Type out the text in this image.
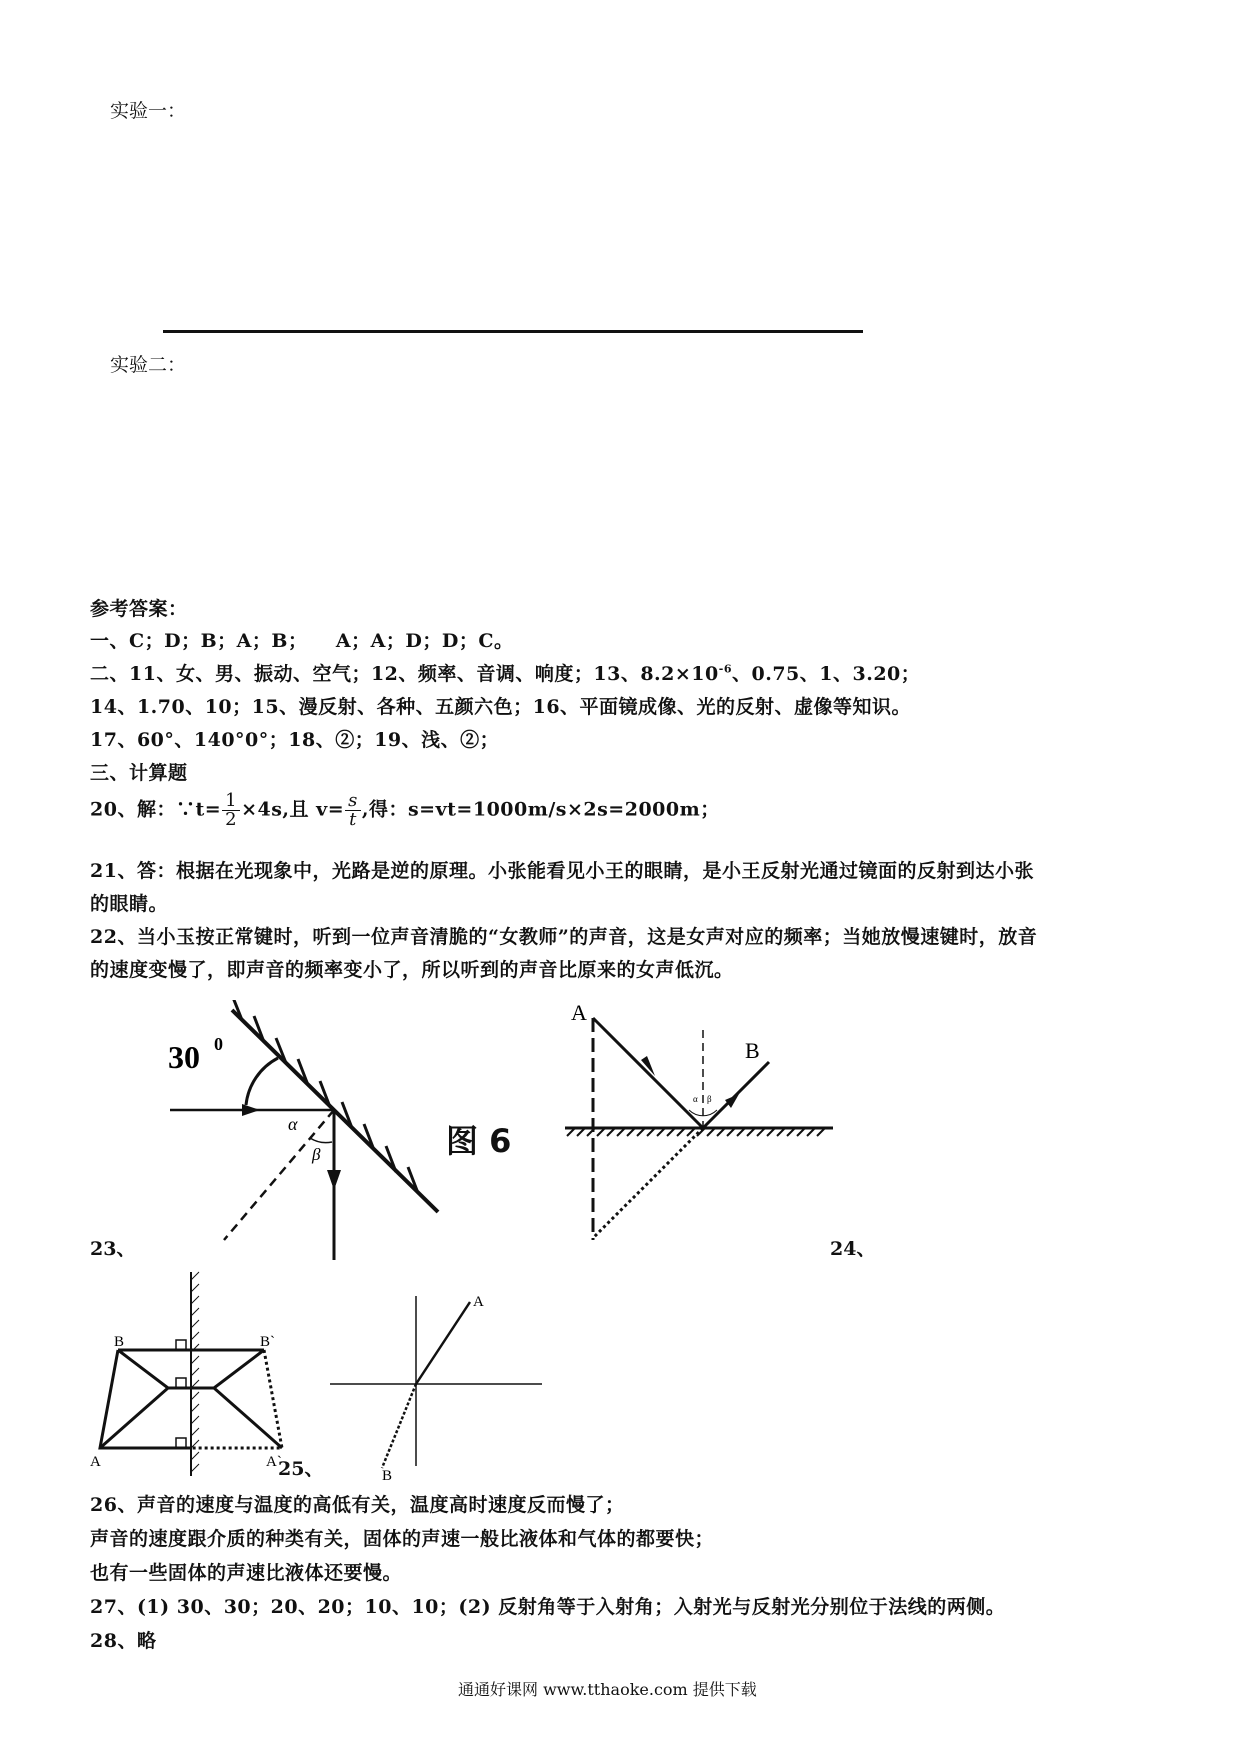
实验一：
实验二：
参考答案：
一、C；D；B；A；B；    A；A；D；D；C。
二、11、女、男、振动、空气；12、频率、音调、响度；13、$8.2\times 10^{-6}$、0.75、1、3.20；
14、1.70、10；15、漫反射、各种、五颜六色；16、平面镜成像、光的反射、虚像等知识。
17、60°、140°0°；18、②；19、浅、②；
三、计算题
20、解：∵t= $\frac{1}{2} \times 4s$,且 $v= \frac{s}{t}$ ,得：s=vt=1000m/s×2s=2000m；
21、答：根据在光现象中，光路是逆的原理。小张能看见小王的眼睛，是小王反射光通过镜面的反射到达小张
的眼睛。
22、当小玉按正常键时，听到一位声音清脆的“女教师”的声音，这是女声对应的频率；当她放慢速键时，放音
的速度变慢了，即声音的频率变小了，所以听到的声音比原来的女声低沉。
30 0
α
β	图 6
23、
A
B
α β
24、
B	B`
A	A`
A
B
25、
26、声音的速度与温度的高低有关，温度高时速度反而慢了；
声音的速度跟介质的种类有关，固体的声速一般比液体和气体的都要快；
也有一些固体的声速比液体还要慢。
27、(1) 30、30；20、20；10、10；(2) 反射角等于入射角；入射光与反射光分别位于法线的两侧。
28、略
通通好课网 www.tthaoke.com 提供下载
